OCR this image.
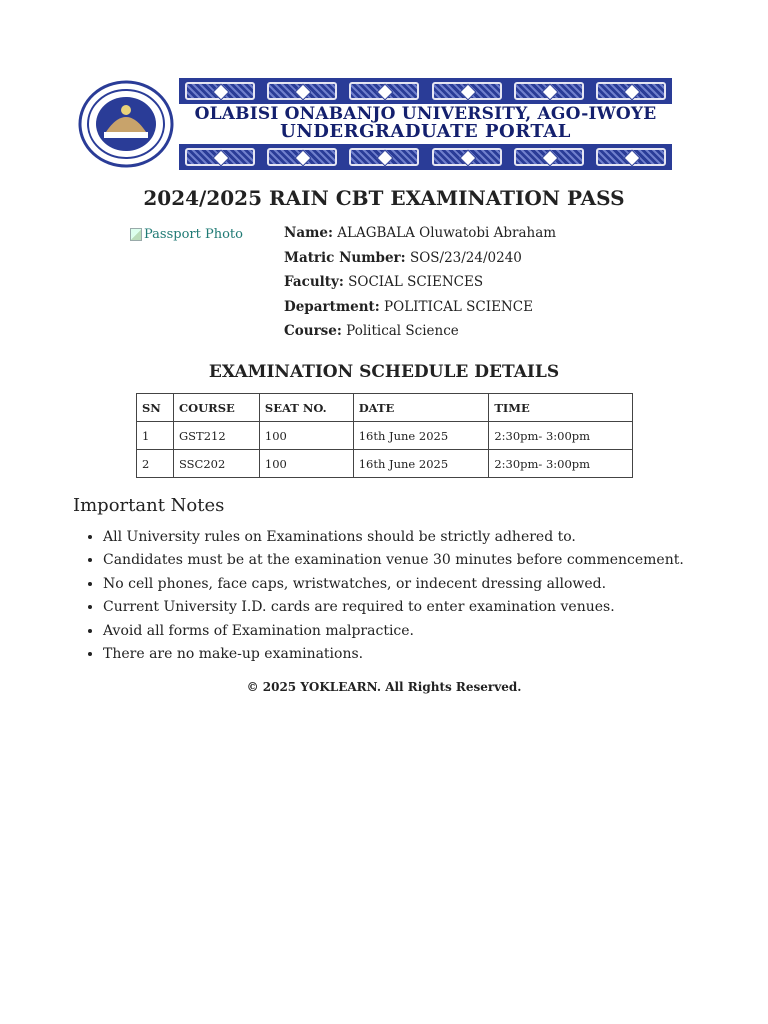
OLABISI ONABANJO UNIVERSITY, AGO-IWOYE
UNDERGRADUATE PORTAL
2024/2025 RAIN CBT EXAMINATION PASS
Passport Photo	Name: ALAGBALA Oluwatobi Abraham
Matric Number: SOS/23/24/0240
Faculty: SOCIAL SCIENCES
Department: POLITICAL SCIENCE
Course: Political Science
EXAMINATION SCHEDULE DETAILS
SN	COURSE	SEAT NO.	DATE	TIME
1	GST212	100	16th June 2025	2:30pm- 3:00pm
2	SSC202	100	16th June 2025	2:30pm- 3:00pm
Important Notes
• All University rules on Examinations should be strictly adhered to.
• Candidates must be at the examination venue 30 minutes before commencement.
• No cell phones, face caps, wristwatches, or indecent dressing allowed.
• Current University I.D. cards are required to enter examination venues.
• Avoid all forms of Examination malpractice.
• There are no make-up examinations.
© 2025 YOKLEARN. All Rights Reserved.
